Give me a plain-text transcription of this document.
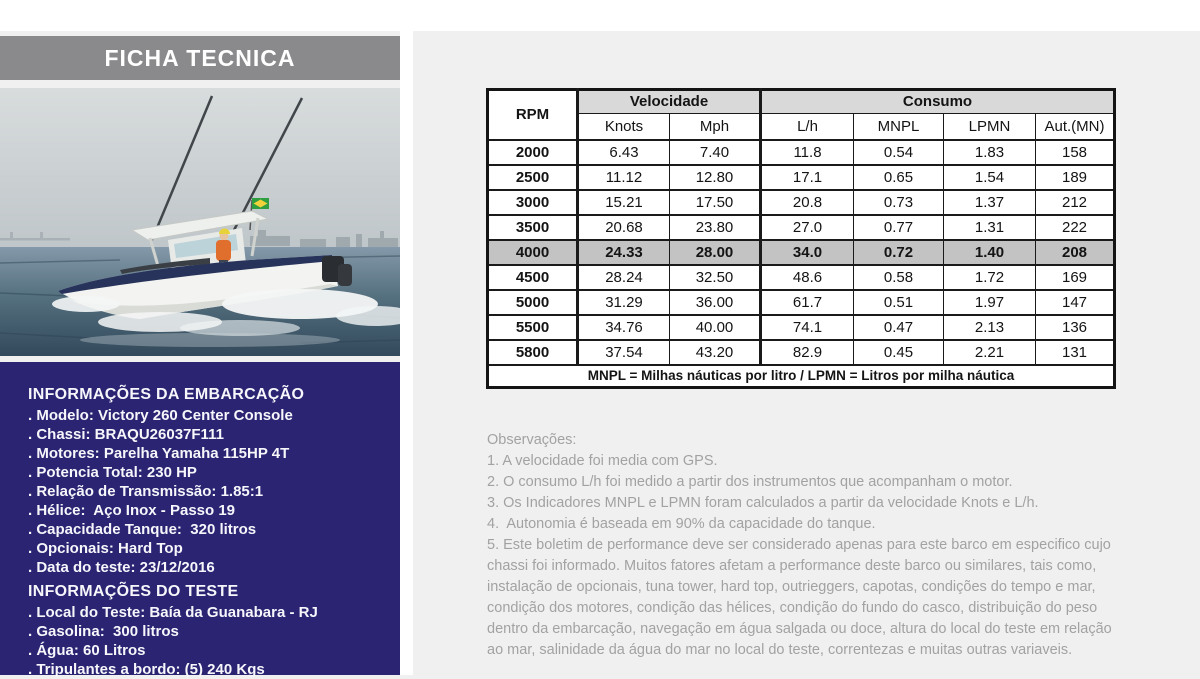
FICHA TECNICA
INFORMAÇÕES DA EMBARCAÇÃO
. Modelo: Victory 260 Center Console
. Chassi: BRAQU26037F111
. Motores: Parelha Yamaha 115HP 4T
. Potencia Total: 230 HP
. Relação de Transmissão: 1.85:1
. Hélice:  Aço Inox - Passo 19
. Capacidade Tanque:  320 litros
. Opcionais: Hard Top
. Data do teste: 23/12/2016
INFORMAÇÕES DO TESTE
. Local do Teste: Baía da Guanabara - RJ
. Gasolina:  300 litros
. Água: 60 Litros
. Tripulantes a bordo: (5) 240 Kgs
RPM	Velocidade		Consumo			
	Knots	Mph	L/h	MNPL	LPMN	Aut.(MN)
2000	6.43	7.40	11.8	0.54	1.83	158
2500	11.12	12.80	17.1	0.65	1.54	189
3000	15.21	17.50	20.8	0.73	1.37	212
3500	20.68	23.80	27.0	0.77	1.31	222
4000	24.33	28.00	34.0	0.72	1.40	208
4500	28.24	32.50	48.6	0.58	1.72	169
5000	31.29	36.00	61.7	0.51	1.97	147
5500	34.76	40.00	74.1	0.47	2.13	136
5800	37.54	43.20	82.9	0.45	2.21	131
MNPL = Milhas náuticas por litro / LPMN = Litros por milha náutica						
Observações:
1. A velocidade foi media com GPS.
2. O consumo L/h foi medido a partir dos instrumentos que acompanham o motor.
3. Os Indicadores MNPL e LPMN foram calculados a partir da velocidade Knots e L/h.
4.  Autonomia é baseada em 90% da capacidade do tanque.
5. Este boletim de performance deve ser considerado apenas para este barco em especifico cujo chassi foi informado. Muitos fatores afetam a performance deste barco ou similares, tais como, instalação de opcionais, tuna tower, hard top, outrieggers, capotas, condições do tempo e mar, condição dos motores, condição das hélices, condição do fundo do casco, distribuição do peso dentro da embarcação, navegação em água salgada ou doce, altura do local do teste em relação ao mar, salinidade da água do mar no local do teste, correntezas e muitas outras variaveis.
